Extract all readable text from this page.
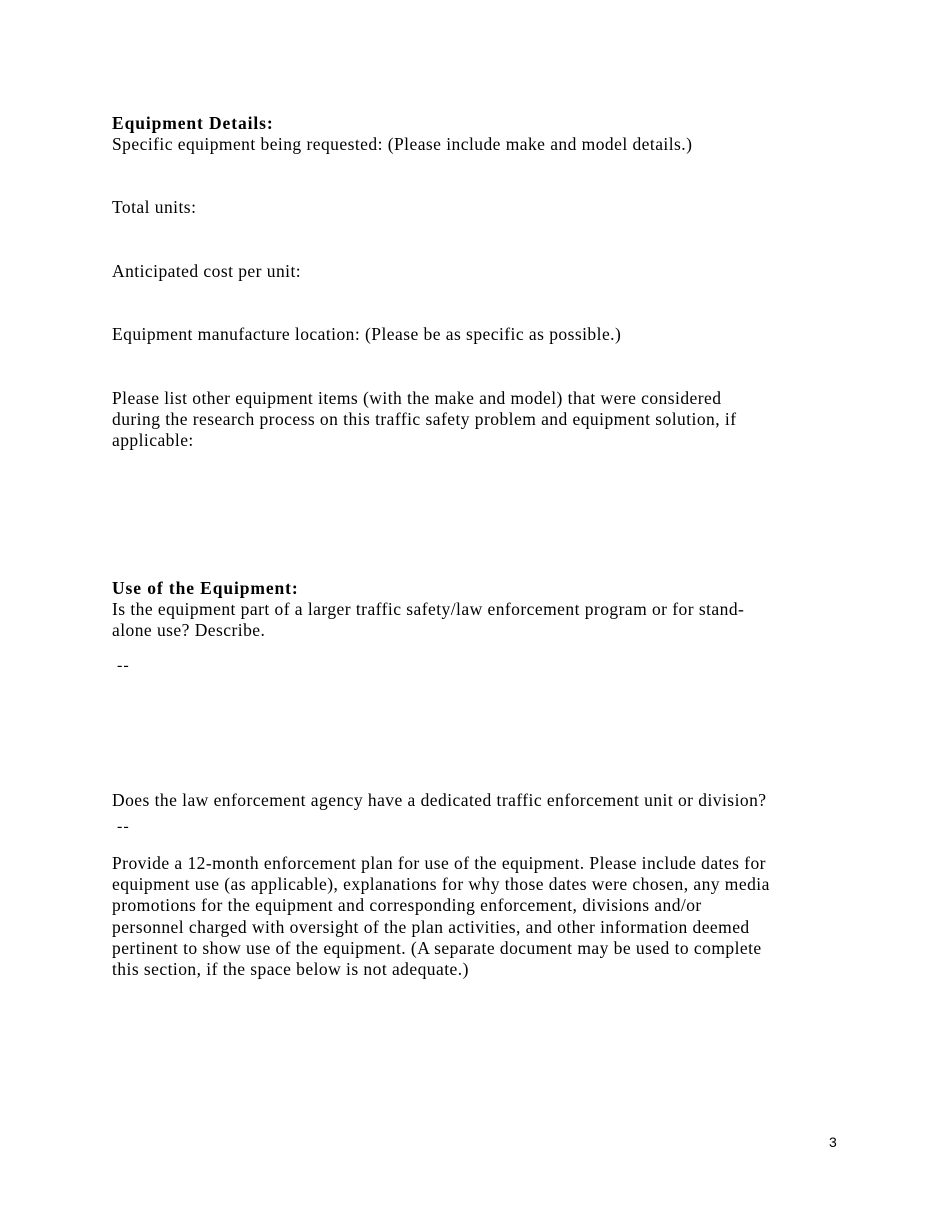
Equipment Details:
Specific equipment being requested: (Please include make and model details.)
Total units:
Anticipated cost per unit:
Equipment manufacture location: (Please be as specific as possible.)
Please list other equipment items (with the make and model) that were considered
during the research process on this traffic safety problem and equipment solution, if
applicable:
Use of the Equipment:
Is the equipment part of a larger traffic safety/law enforcement program or for stand-
alone use? Describe.
--
Does the law enforcement agency have a dedicated traffic enforcement unit or division?
--
Provide a 12-month enforcement plan for use of the equipment. Please include dates for
equipment use (as applicable), explanations for why those dates were chosen, any media
promotions for the equipment and corresponding enforcement, divisions and/or
personnel charged with oversight of the plan activities, and other information deemed
pertinent to show use of the equipment. (A separate document may be used to complete
this section, if the space below is not adequate.)
3
